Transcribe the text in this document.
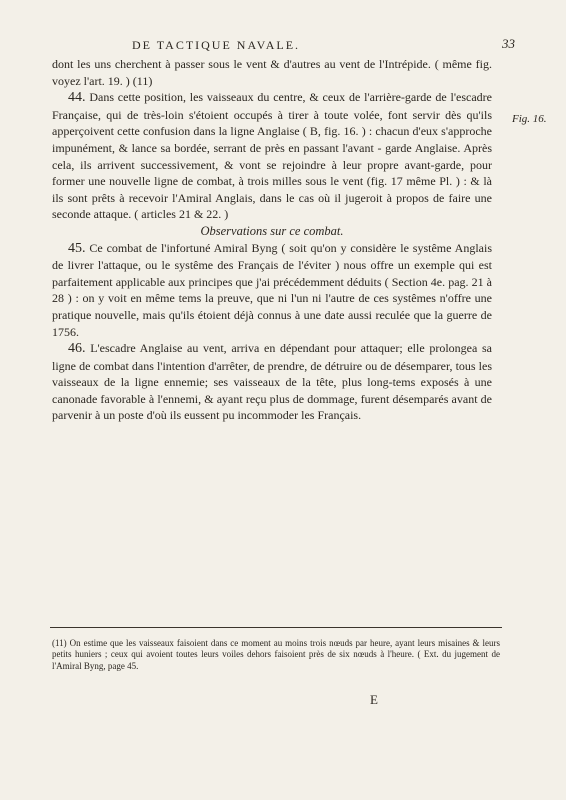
DE TACTIQUE NAVALE.	33
Fig. 16.

dont les uns cherchent à passer sous le vent & d'autres au vent de l'Intrépide. ( même fig. voyez l'art. 19. ) (11)

44. Dans cette position, les vaisseaux du centre, & ceux de l'arrière-garde de l'escadre Française, qui de très-loin s'étoient occupés à tirer à toute volée, font servir dès qu'ils apperçoivent cette confusion dans la ligne Anglaise ( B, fig. 16. ) : chacun d'eux s'approche impunément, & lance sa bordée, serrant de près en passant l'avant - garde Anglaise. Après cela, ils arrivent successivement, & vont se rejoindre à leur propre avant-garde, pour former une nouvelle ligne de combat, à trois milles sous le vent (fig. 17 même Pl. ) : & là ils sont prêts à recevoir l'Amiral Anglais, dans le cas où il jugeroit à propos de faire une seconde attaque. ( articles 21 & 22. )

Observations sur ce combat.

45. Ce combat de l'infortuné Amiral Byng ( soit qu'on y considère le systême Anglais de livrer l'attaque, ou le systême des Français de l'éviter ) nous offre un exemple qui est parfaitement applicable aux principes que j'ai précédemment déduits ( Section 4e. pag. 21 à 28 ) : on y voit en même tems la preuve, que ni l'un ni l'autre de ces systêmes n'offre une pratique nouvelle, mais qu'ils étoient déjà connus à une date aussi reculée que la guerre de 1756.

46. L'escadre Anglaise au vent, arriva en dépendant pour attaquer; elle prolongea sa ligne de combat dans l'intention d'arrêter, de prendre, de détruire ou de désemparer, tous les vaisseaux de la ligne ennemie; ses vaisseaux de la tête, plus long-tems exposés à une canonade favorable à l'ennemi, & ayant reçu plus de dommage, furent désemparés avant de parvenir à un poste d'où ils eussent pu incommoder les Français.

(11) On estime que les vaisseaux faisoient dans ce moment au moins trois nœuds par heure, ayant leurs misaines & leurs petits huniers ; ceux qui avoient toutes leurs voiles dehors faisoient près de six nœuds à l'heure. ( Ext. du jugement de l'Amiral Byng, page 45.
E
